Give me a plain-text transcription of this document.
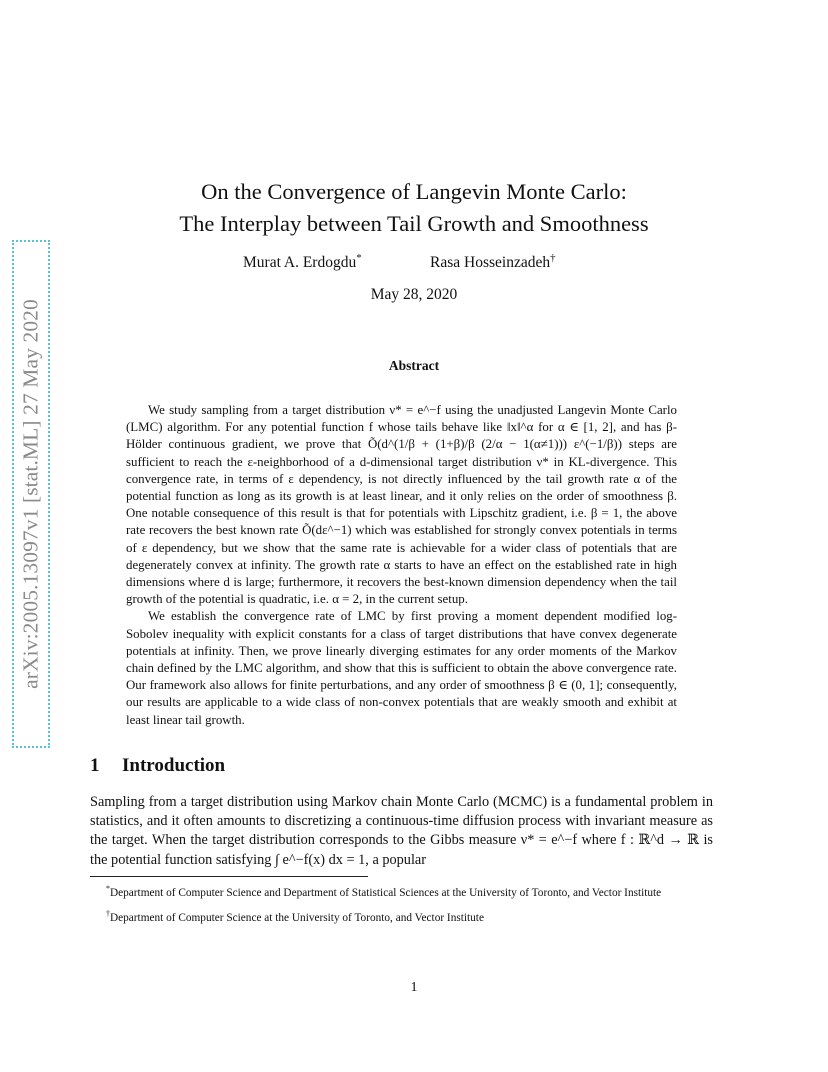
arXiv:2005.13097v1 [stat.ML] 27 May 2020
On the Convergence of Langevin Monte Carlo:
The Interplay between Tail Growth and Smoothness
Murat A. Erdogdu*	Rasa Hosseinzadeh†
May 28, 2020
Abstract

We study sampling from a target distribution ν* = e^−f using the unadjusted Langevin Monte Carlo (LMC) algorithm. For any potential function f whose tails behave like ‖x‖^α for α ∈ [1, 2], and has β-Hölder continuous gradient, we prove that Õ(d^(1/β + (1+β)/β (2/α − 1(α≠1))) ε^(−1/β)) steps are sufficient to reach the ε-neighborhood of a d-dimensional target distribution ν* in KL-divergence. This convergence rate, in terms of ε dependency, is not directly influenced by the tail growth rate α of the potential function as long as its growth is at least linear, and it only relies on the order of smoothness β. One notable consequence of this result is that for potentials with Lipschitz gradient, i.e. β = 1, the above rate recovers the best known rate Õ(dε^−1) which was established for strongly convex potentials in terms of ε dependency, but we show that the same rate is achievable for a wider class of potentials that are degenerately convex at infinity. The growth rate α starts to have an effect on the established rate in high dimensions where d is large; furthermore, it recovers the best-known dimension dependency when the tail growth of the potential is quadratic, i.e. α = 2, in the current setup.

We establish the convergence rate of LMC by first proving a moment dependent modified log-Sobolev inequality with explicit constants for a class of target distributions that have convex degenerate potentials at infinity. Then, we prove linearly diverging estimates for any order moments of the Markov chain defined by the LMC algorithm, and show that this is sufficient to obtain the above convergence rate. Our framework also allows for finite perturbations, and any order of smoothness β ∈ (0, 1]; consequently, our results are applicable to a wide class of non-convex potentials that are weakly smooth and exhibit at least linear tail growth.

1 Introduction

Sampling from a target distribution using Markov chain Monte Carlo (MCMC) is a fundamental problem in statistics, and it often amounts to discretizing a continuous-time diffusion process with invariant measure as the target. When the target distribution corresponds to the Gibbs measure ν* = e^−f where f : ℝ^d → ℝ is the potential function satisfying ∫ e^−f(x) dx = 1, a popular

*Department of Computer Science and Department of Statistical Sciences at the University of Toronto, and Vector Institute

†Department of Computer Science at the University of Toronto, and Vector Institute

1
